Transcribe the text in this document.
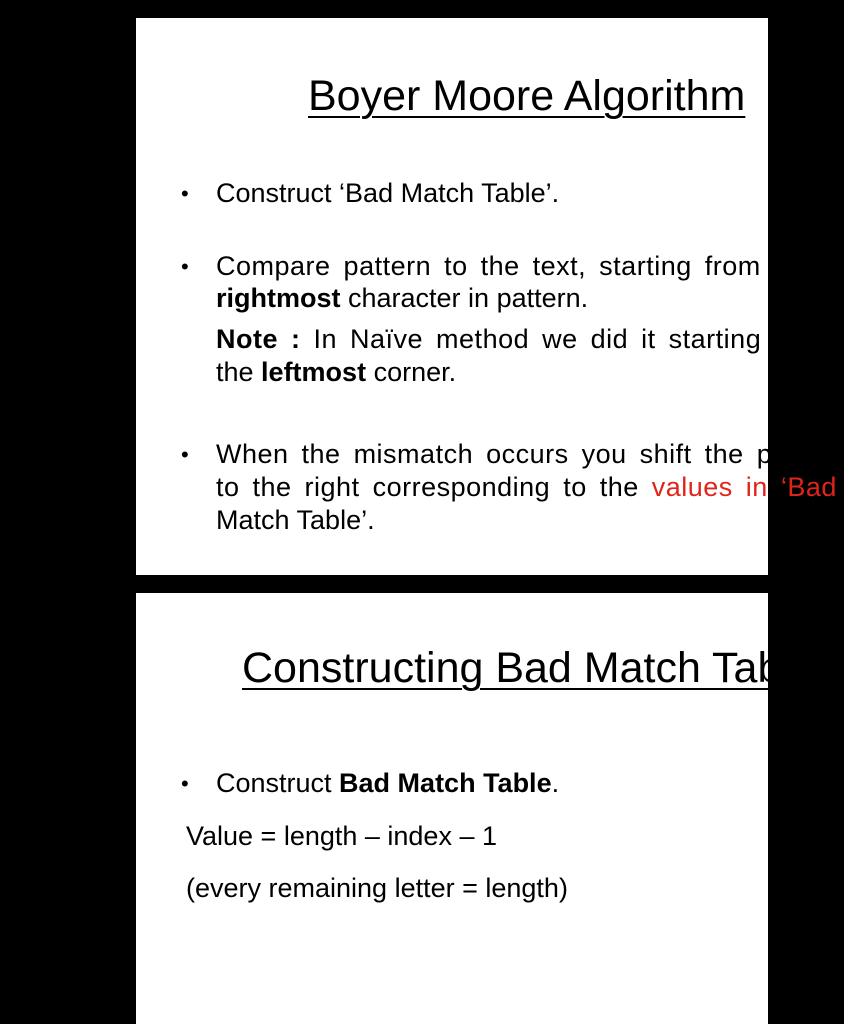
Boyer Moore Algorithm
• Construct ‘Bad Match Table’.
• Compare pattern to the text, starting from the
rightmost character in pattern.
Note : In Naïve method we did it starting from
the leftmost corner.
• When the mismatch occurs you shift the pattern
to the right corresponding to the values in ‘Bad
Match Table’.
Constructing Bad Match Table
• Construct Bad Match Table.
Value = length – index – 1
(every remaining letter = length)
